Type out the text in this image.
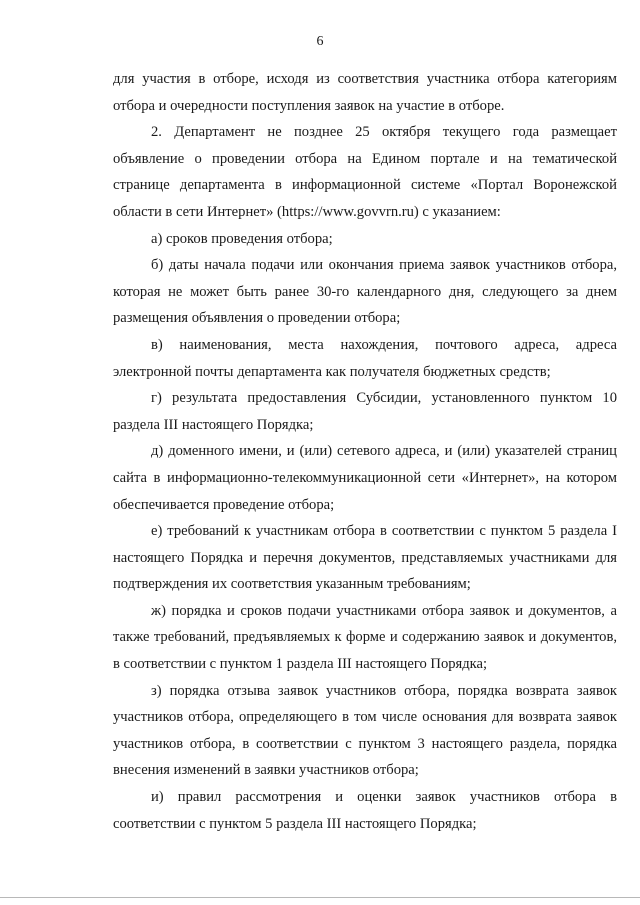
6

для участия в отборе, исходя из соответствия участника отбора категориям отбора и очередности поступления заявок на участие в отборе.

2. Департамент не позднее 25 октября текущего года размещает объявление о проведении отбора на Едином портале и на тематической странице департамента в информационной системе «Портал Воронежской области в сети Интернет» (https://www.govvrn.ru) с указанием:

а) сроков проведения отбора;

б) даты начала подачи или окончания приема заявок участников отбора, которая не может быть ранее 30-го календарного дня, следующего за днем размещения объявления о проведении отбора;

в) наименования, места нахождения, почтового адреса, адреса электронной почты департамента как получателя бюджетных средств;

г) результата предоставления Субсидии, установленного пунктом 10 раздела III настоящего Порядка;

д) доменного имени, и (или) сетевого адреса, и (или) указателей страниц сайта в информационно-телекоммуникационной сети «Интернет», на котором обеспечивается проведение отбора;

е) требований к участникам отбора в соответствии с пунктом 5 раздела I настоящего Порядка и перечня документов, представляемых участниками для подтверждения их соответствия указанным требованиям;

ж) порядка и сроков подачи участниками отбора заявок и документов, а также требований, предъявляемых к форме и содержанию заявок и документов, в соответствии с пунктом 1 раздела III настоящего Порядка;

з) порядка отзыва заявок участников отбора, порядка возврата заявок участников отбора, определяющего в том числе основания для возврата заявок участников отбора, в соответствии с пунктом 3 настоящего раздела, порядка внесения изменений в заявки участников отбора;

и) правил рассмотрения и оценки заявок участников отбора в соответствии с пунктом 5 раздела III настоящего Порядка;
